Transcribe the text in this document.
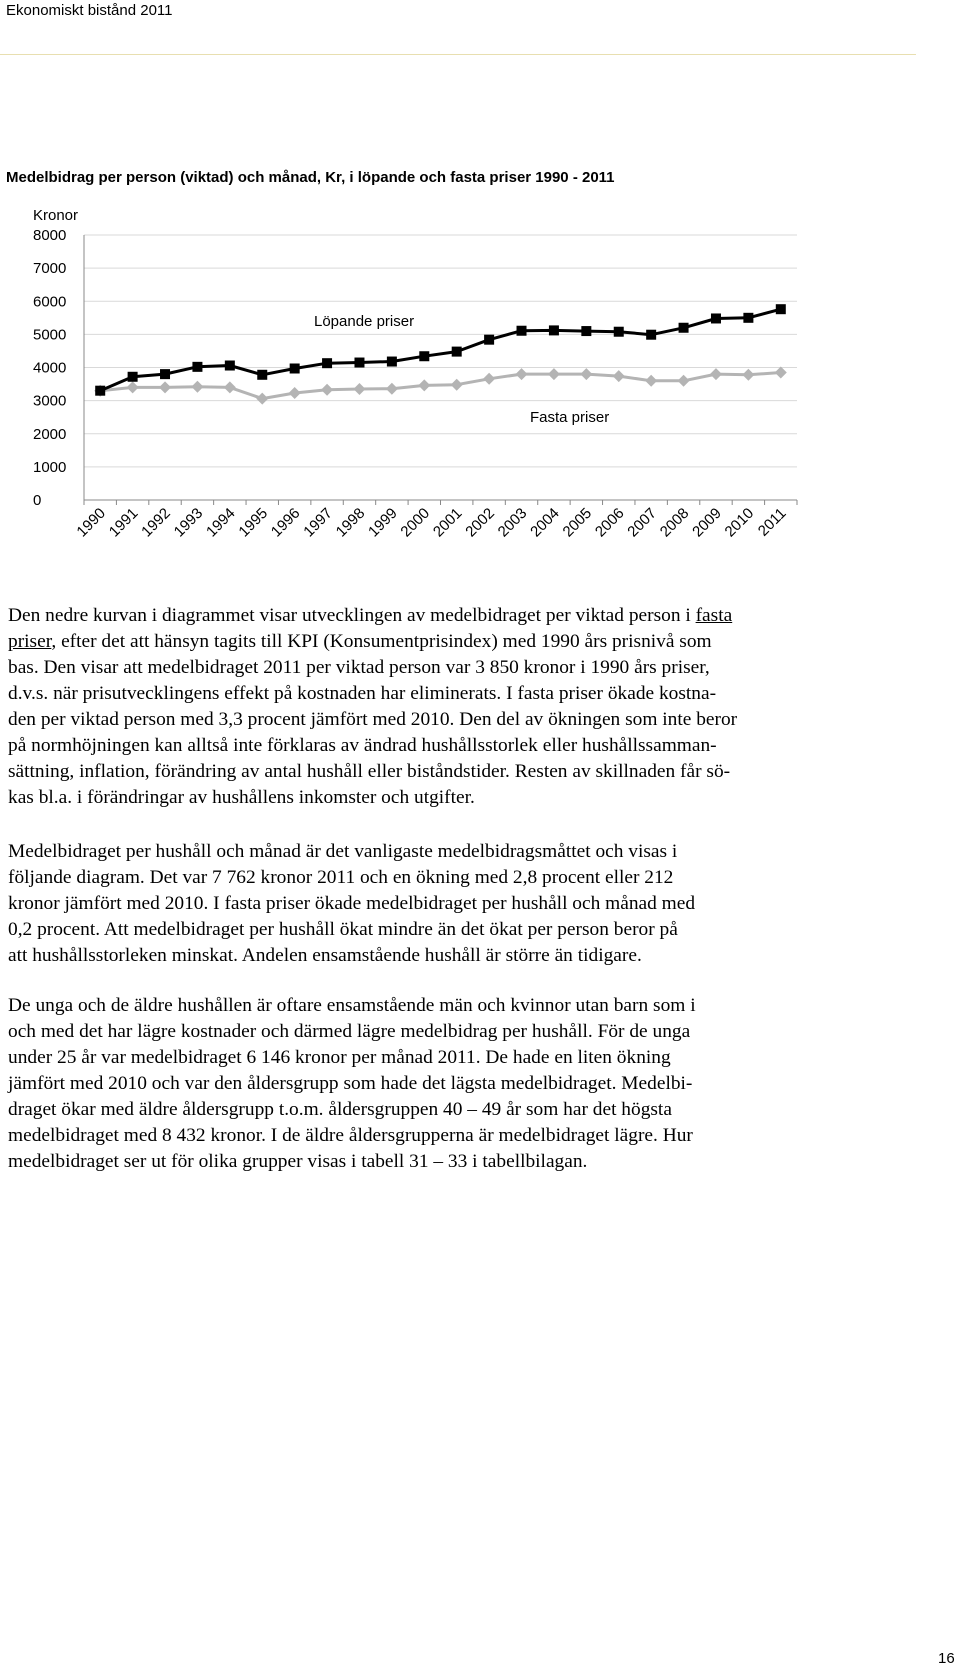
Ekonomiskt bistånd 2011
Medelbidrag per person (viktad) och månad, Kr, i löpande och fasta priser 1990 - 2011
Kronor
8000
7000
6000
5000
4000
3000
2000
1000
0
1990
1991
1992
1993
1994
1995
1996
1997
1998
1999
2000
2001
2002
2003
2004
2005
2006
2007
2008
2009
2010
2011
Löpande priser
Fasta priser
Den nedre kurvan i diagrammet visar utvecklingen av medelbidraget per viktad person i fasta
priser, efter det att hänsyn tagits till KPI (Konsumentprisindex) med 1990 års prisnivå som
bas. Den visar att medelbidraget 2011 per viktad person var 3 850 kronor i 1990 års priser,
d.v.s. när prisutvecklingens effekt på kostnaden har eliminerats. I fasta priser ökade kostna-
den per viktad person med 3,3 procent jämfört med 2010. Den del av ökningen som inte beror
på normhöjningen kan alltså inte förklaras av ändrad hushållsstorlek eller hushållssamman-
sättning, inflation, förändring av antal hushåll eller biståndstider. Resten av skillnaden får sö-
kas bl.a. i förändringar av hushållens inkomster och utgifter.
Medelbidraget per hushåll och månad är det vanligaste medelbidragsmåttet och visas i
följande diagram. Det var 7 762 kronor 2011 och en ökning med 2,8 procent eller 212
kronor jämfört med 2010. I fasta priser ökade medelbidraget per hushåll och månad med
0,2 procent. Att medelbidraget per hushåll ökat mindre än det ökat per person beror på
att hushållsstorleken minskat. Andelen ensamstående hushåll är större än tidigare.
De unga och de äldre hushållen är oftare ensamstående män och kvinnor utan barn som i
och med det har lägre kostnader och därmed lägre medelbidrag per hushåll. För de unga
under 25 år var medelbidraget 6 146 kronor per månad 2011. De hade en liten ökning
jämfört med 2010 och var den åldersgrupp som hade det lägsta medelbidraget. Medelbi-
draget ökar med äldre åldersgrupp t.o.m. åldersgruppen 40 – 49 år som har det högsta
medelbidraget med 8 432 kronor. I de äldre åldersgrupperna är medelbidraget lägre. Hur
medelbidraget ser ut för olika grupper visas i tabell 31 – 33 i tabellbilagan.
16
